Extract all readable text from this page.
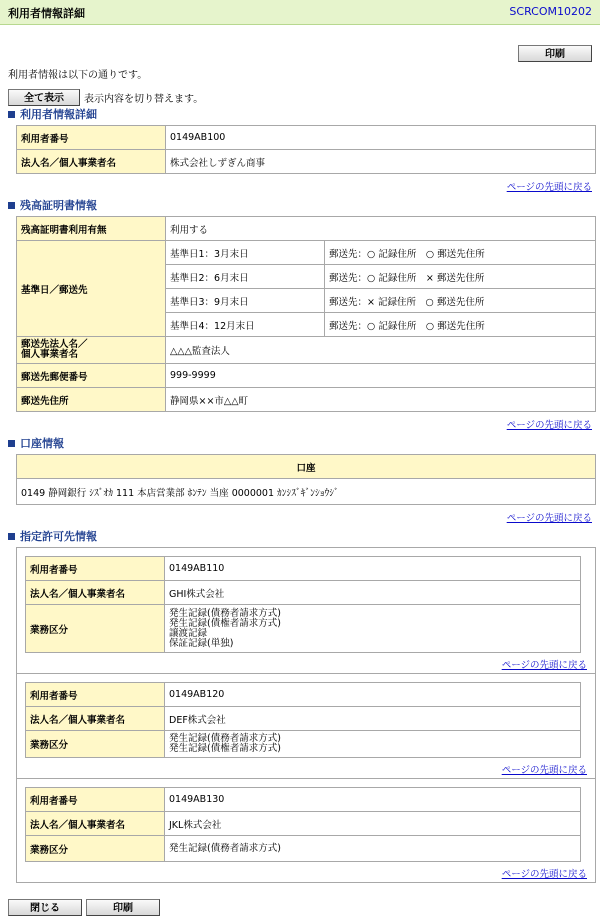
利用者情報詳細	SCRCOM10202
印刷
利用者情報は以下の通りです。
全て表示	表示内容を切り替えます。
利用者情報詳細
利用者番号	0149AB100
法人名／個人事業者名	株式会社しずぎん商事
ページの先頭に戻る
残高証明書情報
残高証明書利用有無	利用する	
基準日／郵送先	基準日1：3月末日	郵送先：○ 記録住所　 ○ 郵送先住所
	基準日2：6月末日	郵送先：○ 記録住所　 × 郵送先住所
	基準日3：9月末日	郵送先：× 記録住所　 ○ 郵送先住所
	基準日4：12月末日	郵送先：○ 記録住所　 ○ 郵送先住所
郵送先法人名／
個人事業者名	△△△監査法人	
郵送先郵便番号	999-9999	
郵送先住所	静岡県××市△△町	
ページの先頭に戻る
口座情報
口座
0149 静岡銀行 ｼｽﾞｵｶ 111 本店営業部 ﾎﾝﾃﾝ 当座 0000001 ｶﾝｼｽﾞｷﾞﾝｼｮｳｼﾞ
ページの先頭に戻る
指定許可先情報
利用者番号	0149AB110
法人名／個人事業者名	GHI株式会社
業務区分	発生記録(債務者請求方式)
発生記録(債権者請求方式)
譲渡記録
保証記録(単独)
ページの先頭に戻る
利用者番号	0149AB120
法人名／個人事業者名	DEF株式会社
業務区分	発生記録(債務者請求方式)
発生記録(債権者請求方式)
ページの先頭に戻る
利用者番号	0149AB130
法人名／個人事業者名	JKL株式会社
業務区分	発生記録(債務者請求方式)
ページの先頭に戻る
閉じる	印刷
